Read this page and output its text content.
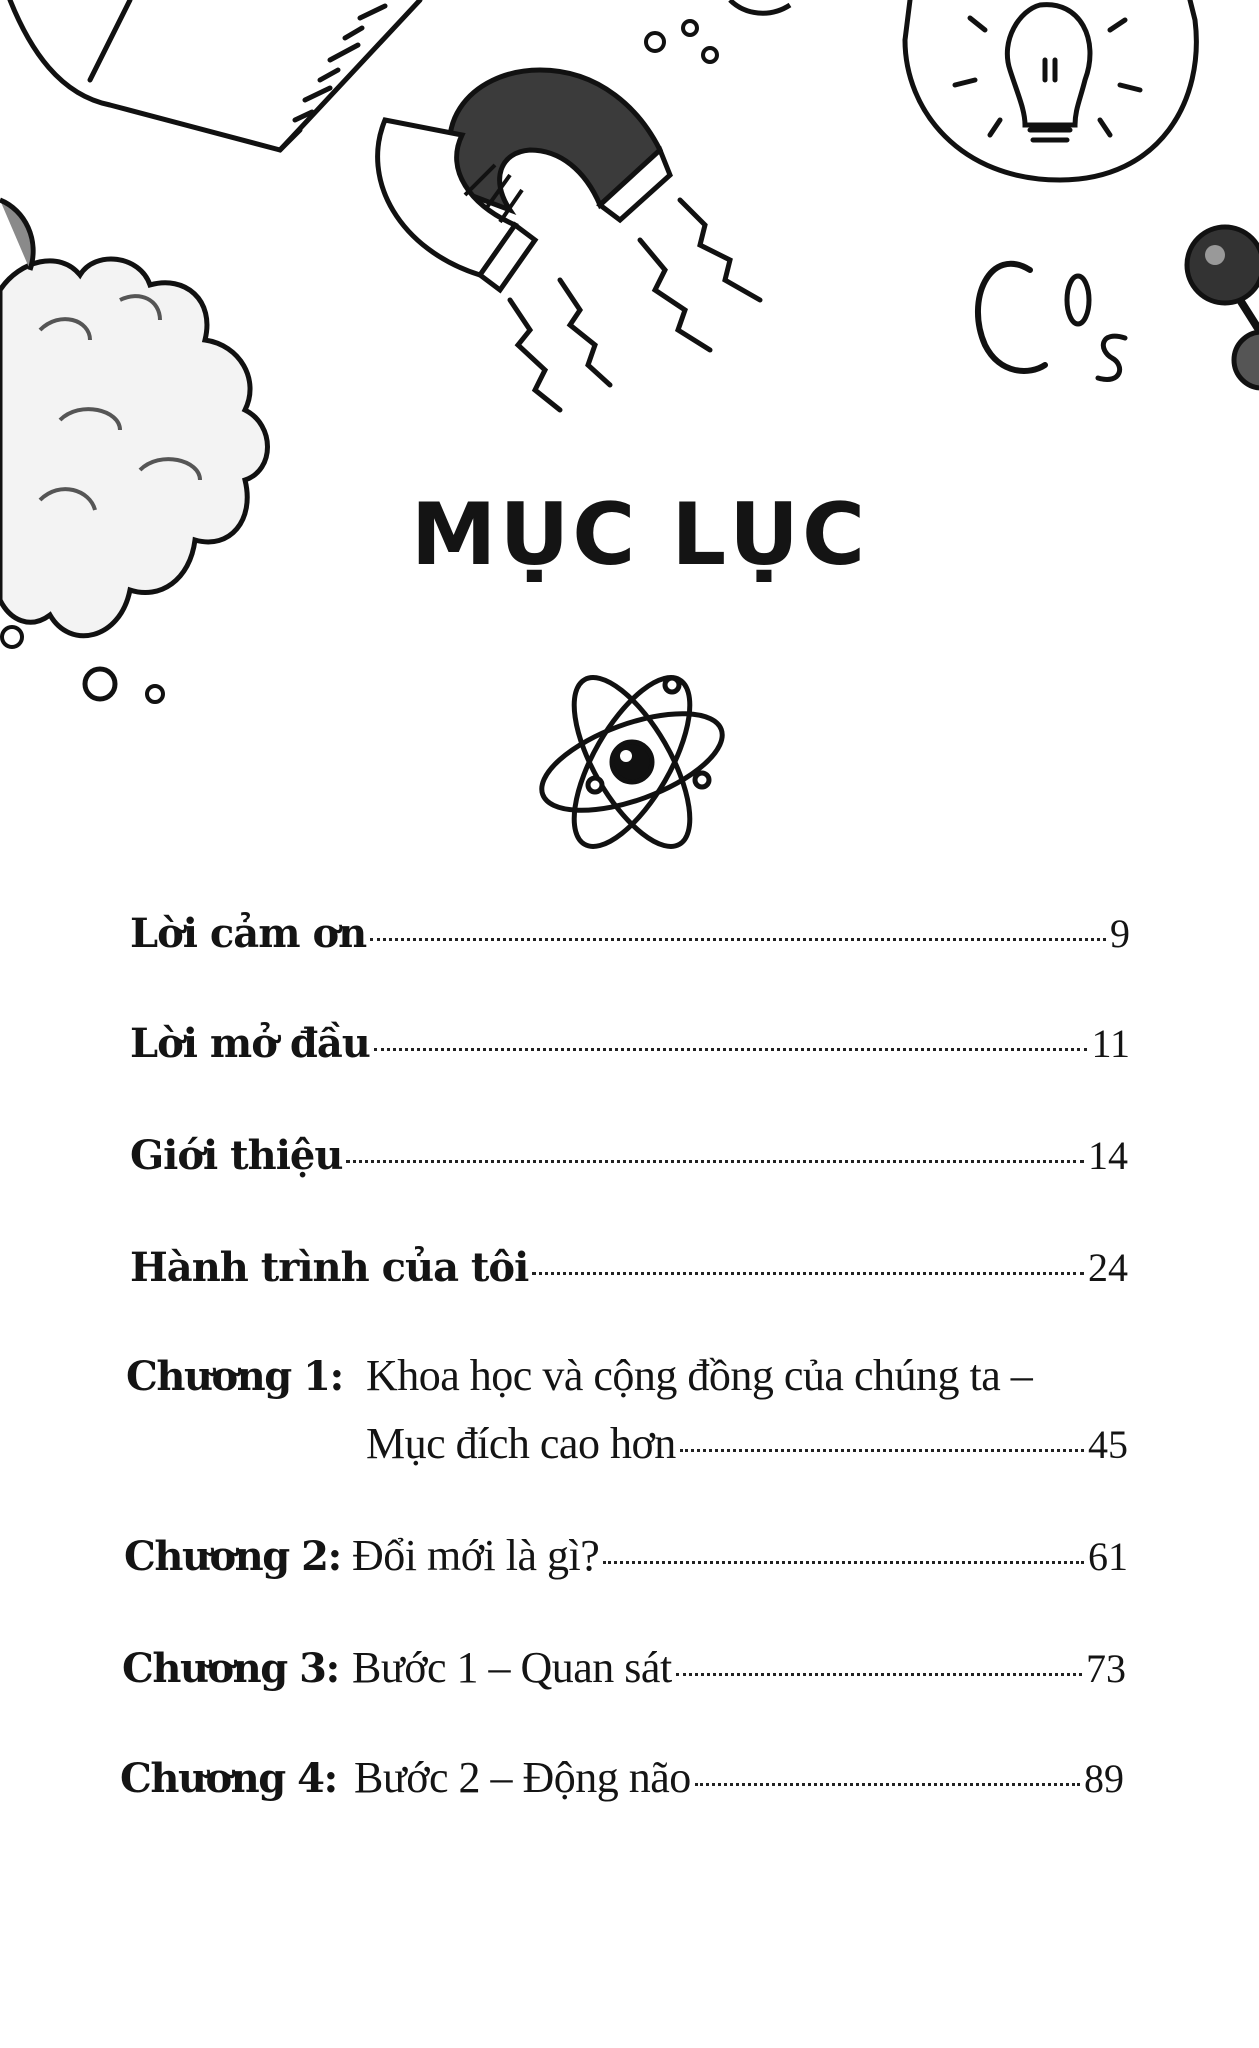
MỤC LỤC
Lời cảm ơn	9
Lời mở đầu	11
Giới thiệu	14
Hành trình của tôi	24
Chương 1: Khoa học và cộng đồng của chúng ta –
Mục đích cao hơn	45
Chương 2: Đổi mới là gì?	61
Chương 3: Bước 1 – Quan sát	73
Chương 4: Bước 2 – Động não	89
